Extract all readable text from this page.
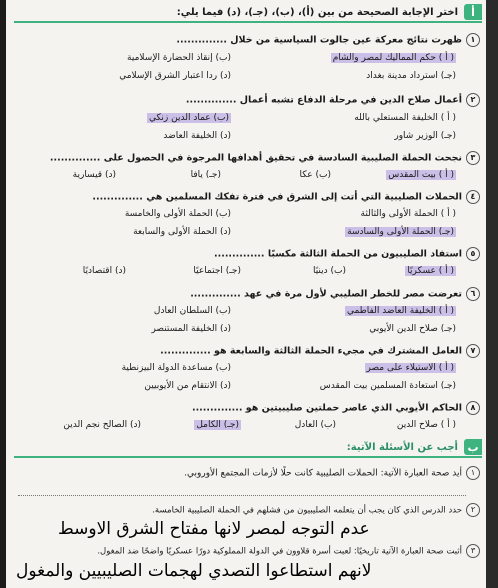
أ
اختر الإجابة الصحيحة من بين (أ)، (ب)، (جـ)، (د) فيما يلي:
١ظهرت نتائج معركة عين جالوت السياسية من خلال ..............
( أ ) حكم المماليك لمصر والشام
(ب) إنقاذ الحضارة الإسلامية
(جـ) استرداد مدينة بغداد
(د) ردا اعتبار الشرق الإسلامي
٢أعمال صلاح الدين في مرحلة الدفاع تشبه أعمال ..............
( أ ) الخليفة المستعلي بالله
(ب) عماد الدين زنكي
(جـ) الوزير شاور
(د) الخليفة العاضد
٣نجحت الحملة الصليبية السادسة في تحقيق أهدافها المرجوة في الحصول على ..............
( أ ) بيت المقدس
(ب) عكا
(جـ) يافا
(د) قيسارية
٤الحملات الصليبية التي أتت إلى الشرق في فترة تفكك المسلمين هي ..............
( أ ) الحملة الأولى والثالثة
(ب) الحملة الأولى والخامسة
(جـ) الحملة الأولى والسادسة
(د) الحملة الأولى والسابعة
٥استفاد الصليبيون من الحملة الثالثة مكسبًا ..............
( أ ) عسكريًا
(ب) دينيًا
(جـ) اجتماعيًا
(د) اقتصاديًا
٦تعرضت مصر للخطر الصليبي لأول مرة في عهد ..............
( أ ) الخليفة العاضد الفاطمي
(ب) السلطان العادل
(جـ) صلاح الدين الأيوبي
(د) الخليفة المستنصر
٧العامل المشترك في مجيء الحملة الثالثة والسابعة هو ..............
( أ ) الاستيلاء على مصر
(ب) مساعدة الدولة البيزنطية
(جـ) استعادة المسلمين بيت المقدس
(د) الانتقام من الأيوبيين
٨الحاكم الأيوبي الذي عاصر حملتين صليبيتين هو ..............
( أ ) صلاح الدين
(ب) العادل
(جـ) الكامل
(د) الصالح نجم الدين
ب
أجب عن الأسئلة الآتية:
١أيد صحة العبارة الآتية: الحملات الصليبية كانت حلًا لأزمات المجتمع الأوروبي.
٢حدد الدرس الذي كان يجب أن يتعلمه الصليبيون من فشلهم في الحملة الصليبية الخامسة.
عدم التوجه لمصر لانها مفتاح الشرق الاوسط
٣أثبت صحة العبارة الآتية تاريخيًا: لعبت أسرة قلاوون في الدولة المملوكية دورًا عسكريًا واضحًا ضد المغول.
لانهم استطاعوا التصدي لهجمات الصليبيين والمغول
